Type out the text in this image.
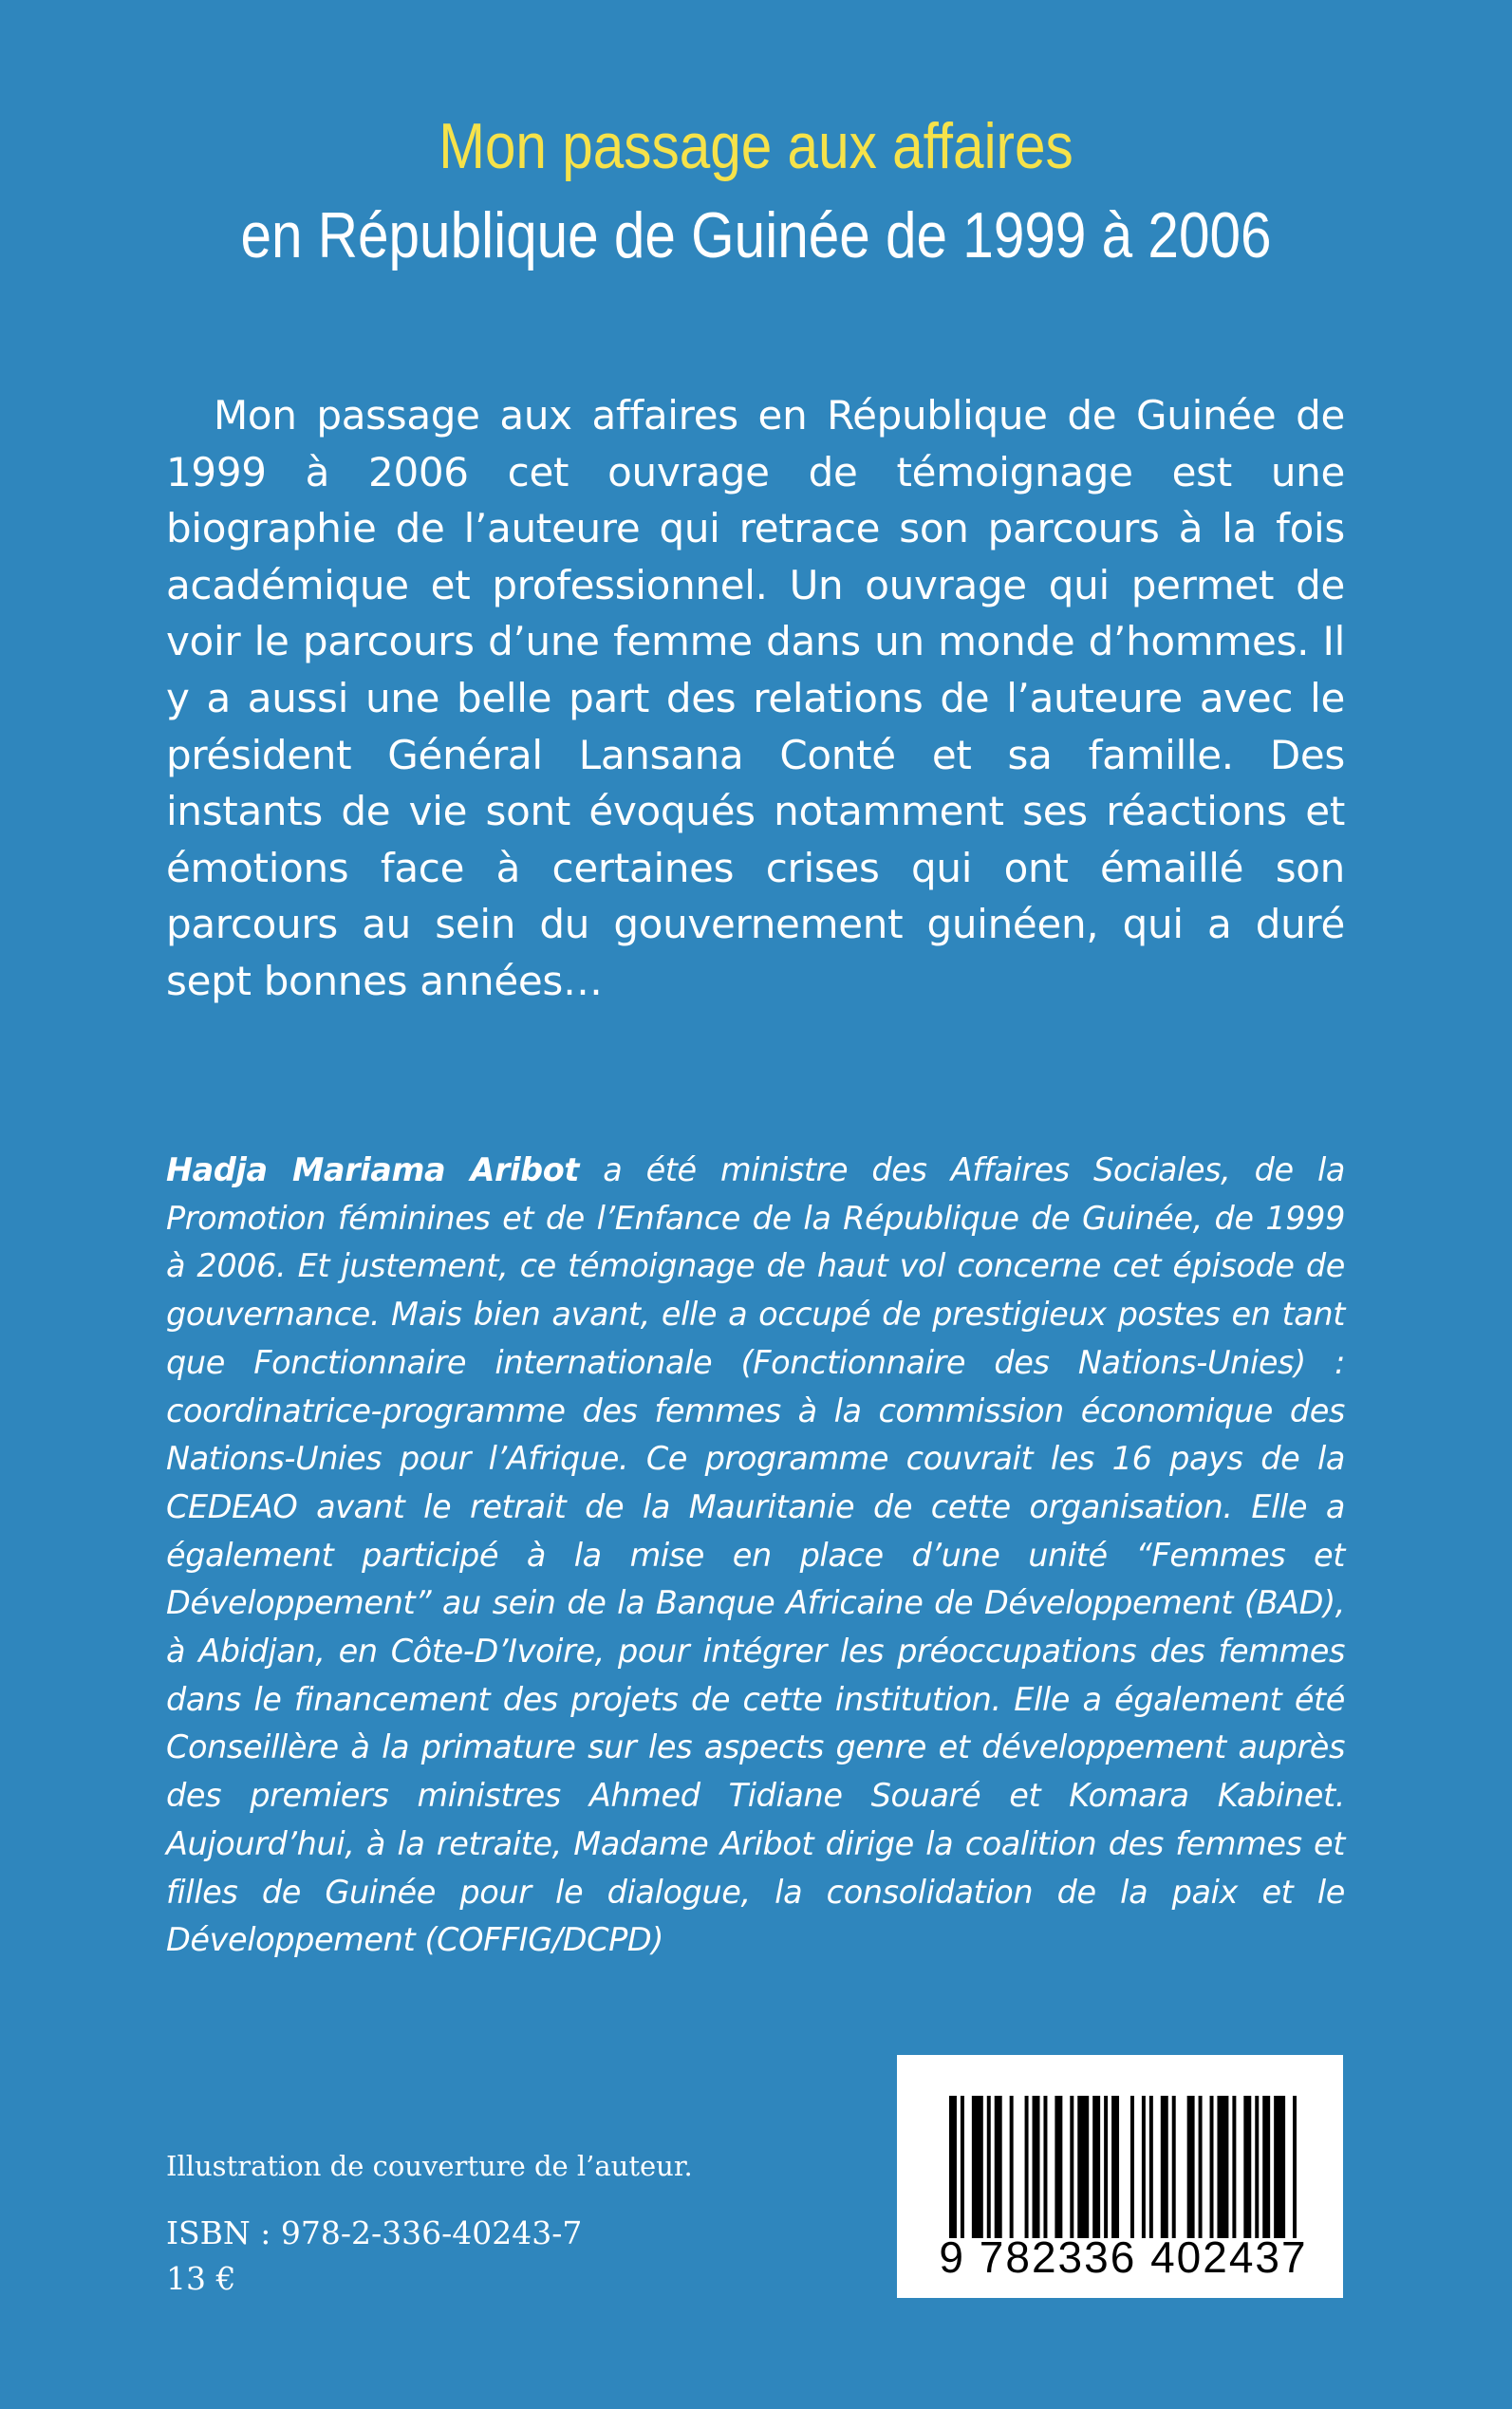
Mon passage aux affaires
en République de Guinée de 1999 à 2006

Mon passage aux affaires en République de Guinée de 1999 à 2006 cet ouvrage de témoignage est une biographie de l’auteure qui retrace son parcours à la fois académique et professionnel. Un ouvrage qui permet de voir le parcours d’une femme dans un monde d’hommes. Il y a aussi une belle part des relations de l’auteure avec le président Général Lansana Conté et sa famille. Des instants de vie sont évoqués notamment ses réactions et émotions face à certaines crises qui ont émaillé son parcours au sein du gouvernement guinéen, qui a duré sept bonnes années…

Hadja Mariama Aribot a été ministre des Affaires Sociales, de la Promotion féminines et de l’Enfance de la République de Guinée, de 1999 à 2006. Et justement, ce témoignage de haut vol concerne cet épisode de gouvernance. Mais bien avant, elle a occupé de prestigieux postes en tant que Fonctionnaire internationale (Fonctionnaire des Nations-Unies) : coordinatrice-programme des femmes à la commission économique des Nations-Unies pour l’Afrique. Ce programme couvrait les 16 pays de la CEDEAO avant le retrait de la Mauritanie de cette organisation. Elle a également participé à la mise en place d’une unité “Femmes et Développement” au sein de la Banque Africaine de Développement (BAD), à Abidjan, en Côte-D’Ivoire, pour intégrer les préoccupations des femmes dans le financement des projets de cette institution. Elle a également été Conseillère à la primature sur les aspects genre et développement auprès des premiers ministres Ahmed Tidiane Souaré et Komara Kabinet. Aujourd’hui, à la retraite, Madame Aribot dirige la coalition des femmes et filles de Guinée pour le dialogue, la consolidation de la paix et le Développement (COFFIG/DCPD)

Illustration de couverture de l’auteur.

ISBN : 978-2-336-40243-7

13 €	9 782336 402437
